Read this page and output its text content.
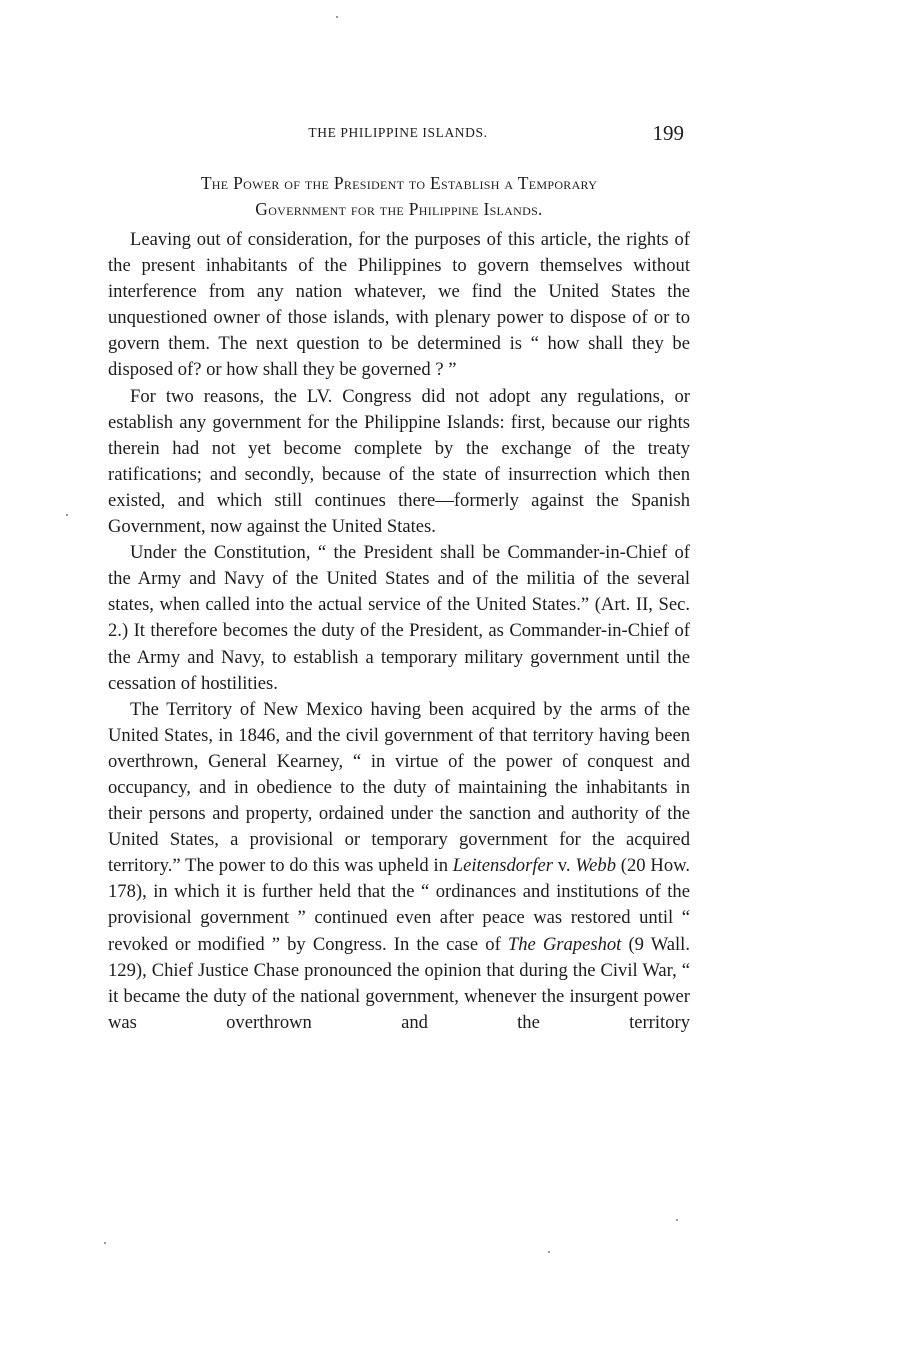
THE PHILIPPINE ISLANDS.	199
The Power of the President to Establish a Temporary
Government for the Philippine Islands.

Leaving out of consideration, for the purposes of this article, the rights of the present inhabitants of the Philippines to govern themselves without interference from any nation whatever, we find the United States the unquestioned owner of those islands, with plenary power to dispose of or to govern them. The next question to be determined is “ how shall they be disposed of? or how shall they be governed ? ”

For two reasons, the LV. Congress did not adopt any regulations, or establish any government for the Philippine Islands: first, because our rights therein had not yet become complete by the exchange of the treaty ratifications; and secondly, because of the state of insurrection which then existed, and which still continues there—formerly against the Spanish Government, now against the United States.

Under the Constitution, “ the President shall be Commander-in-Chief of the Army and Navy of the United States and of the militia of the several states, when called into the actual service of the United States.” (Art. II, Sec. 2.) It therefore becomes the duty of the President, as Commander-in-Chief of the Army and Navy, to establish a temporary military government until the cessation of hostilities.

The Territory of New Mexico having been acquired by the arms of the United States, in 1846, and the civil government of that territory having been overthrown, General Kearney, “ in virtue of the power of conquest and occupancy, and in obedience to the duty of maintaining the inhabitants in their persons and property, ordained under the sanction and authority of the United States, a provisional or temporary government for the acquired territory.” The power to do this was upheld in Leitensdorfer v. Webb (20 How. 178), in which it is further held that the “ ordinances and institutions of the provisional government ” continued even after peace was restored until “ revoked or modified ” by Congress. In the case of The Grapeshot (9 Wall. 129), Chief Justice Chase pronounced the opinion that during the Civil War, “ it became the duty of the national government, whenever the insurgent power was overthrown and the territory
